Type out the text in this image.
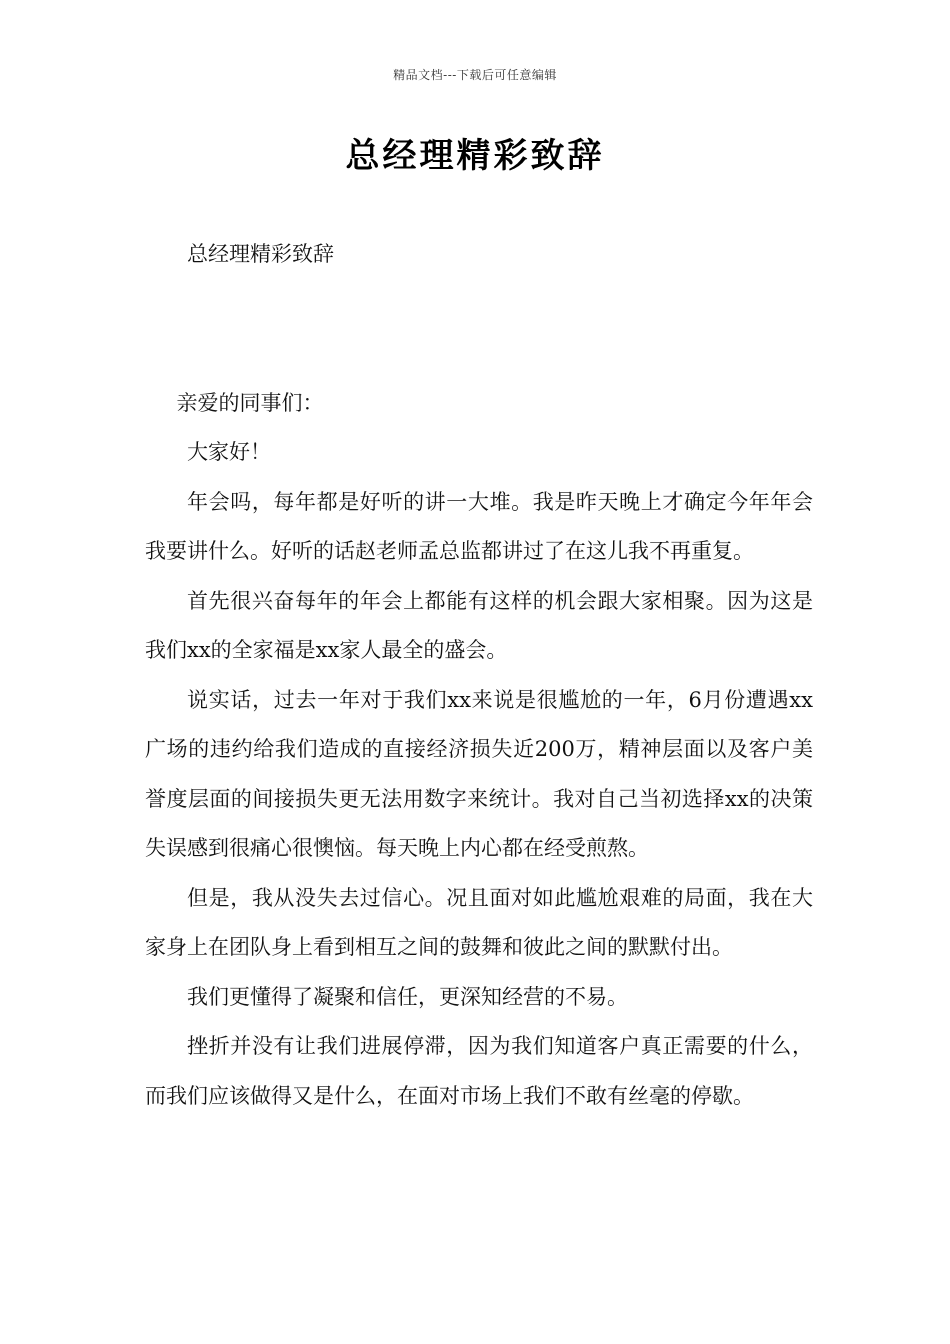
精品文档---下载后可任意编辑
总经理精彩致辞

总经理精彩致辞

亲爱的同事们：

大家好！

年会吗，每年都是好听的讲一大堆。我是昨天晚上才确定今年年会我要讲什么。好听的话赵老师孟总监都讲过了在这儿我不再重复。

首先很兴奋每年的年会上都能有这样的机会跟大家相聚。因为这是我们xx的全家福是xx家人最全的盛会。

说实话，过去一年对于我们xx来说是很尴尬的一年，6月份遭遇xx广场的违约给我们造成的直接经济损失近200万，精神层面以及客户美誉度层面的间接损失更无法用数字来统计。我对自己当初选择xx的决策失误感到很痛心很懊恼。每天晚上内心都在经受煎熬。

但是，我从没失去过信心。况且面对如此尴尬艰难的局面，我在大家身上在团队身上看到相互之间的鼓舞和彼此之间的默默付出。

我们更懂得了凝聚和信任，更深知经营的不易。

挫折并没有让我们进展停滞，因为我们知道客户真正需要的什么，而我们应该做得又是什么，在面对市场上我们不敢有丝毫的停歇。
